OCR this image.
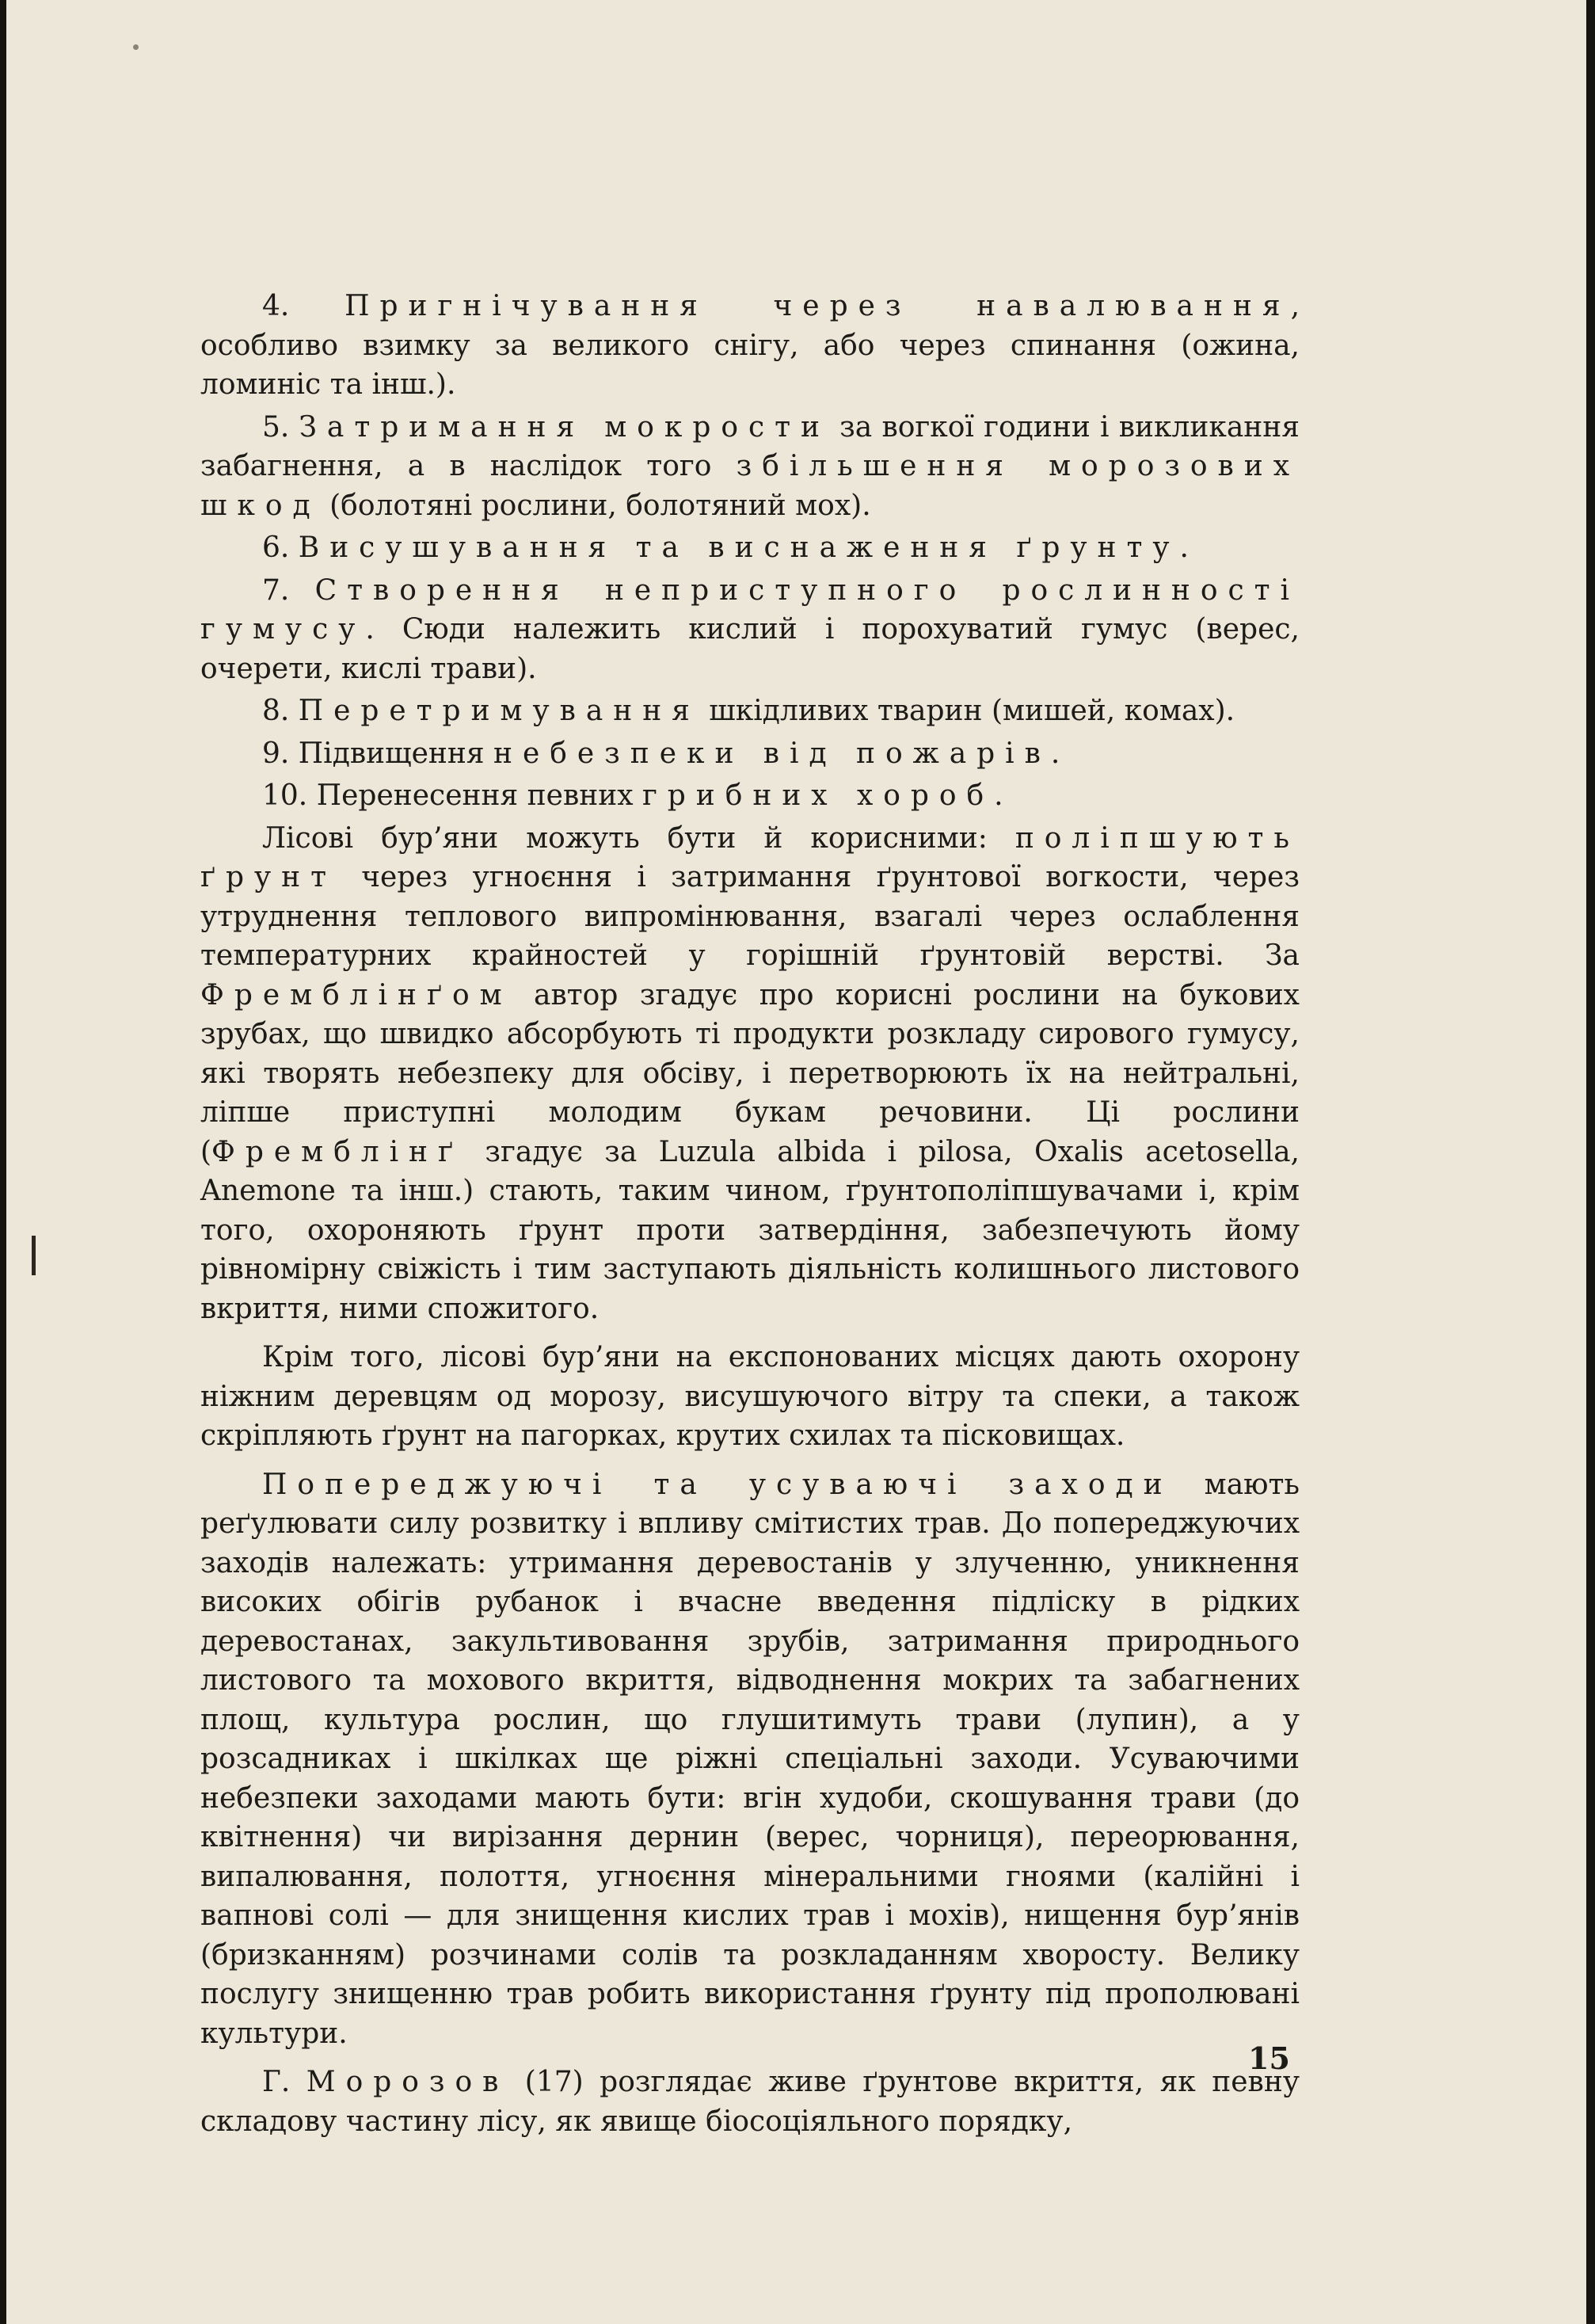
4. Пригнічування через навалювання, особливо взимку за великого снігу, або через спинання (ожина, ломиніс та інш.).

5. Затримання мокрости за вогкої години і викликання забагнення, а в наслідок того збільшення морозових шкод (болотяні рослини, болотяний мох).

6. Висушування та виснаження ґрунту.

7. Створення неприступного рослинності гумусу. Сюди належить кислий і порохуватий гумус (верес, очерети, кислі трави).

8. Перетримування шкідливих тварин (мишей, комах).

9. Підвищення небезпеки від пожарів.

10. Перенесення певних грибних хороб.

Лісові бур’яни можуть бути й корисними: поліпшують ґрунт через угноєння і затримання ґрунтової вогкости, через утруднення теплового випромінювання, взагалі через ослаблення температурних крайностей у горішній ґрунтовій верстві. За Фремблінґом автор згадує про корисні рослини на букових зрубах, що швидко абсорбують ті продукти розкладу сирового гумусу, які творять небезпеку для обсіву, і перетворюють їх на нейтральні, ліпше приступні молодим букам речовини. Ці рослини (Фремблінґ згадує за Luzula albida і pilosa, Oxalis acetosella, Anemone та інш.) стають, таким чином, ґрунтополіпшувачами і, крім того, охороняють ґрунт проти затвердіння, забезпечують йому рівномірну свіжість і тим заступають діяльність колишнього листового вкриття, ними спожитого.

Крім того, лісові бур’яни на експонованих місцях дають охорону ніжним деревцям од морозу, висушуючого вітру та спеки, а також скріпляють ґрунт на пагорках, крутих схилах та пісковищах.

Попереджуючі та усуваючі заходи мають реґулювати силу розвитку і впливу смітистих трав. До попереджуючих заходів належать: утримання деревостанів у злученню, уникнення високих обігів рубанок і вчасне введення підліску в рідких деревостанах, закультивовання зрубів, затримання природнього листового та мохового вкриття, відводнення мокрих та забагнених площ, культура рослин, що глушитимуть трави (лупин), а у розсадниках і шкілках ще ріжні спеціальні заходи. Усуваючими небезпеки заходами мають бути: вгін худоби, скошування трави (до квітнення) чи вирізання дернин (верес, чорниця), переорювання, випалювання, полоття, угноєння мінеральними гноями (калійні і вапнові солі — для знищення кислих трав і мохів), нищення бур’янів (бризканням) розчинами солів та розкладанням хворосту. Велику послугу знищенню трав робить використання ґрунту під прополювані культури.

Г. Морозов (17) розглядає живе ґрунтове вкриття, як певну складову частину лісу, як явище біосоціяльного порядку,

15
